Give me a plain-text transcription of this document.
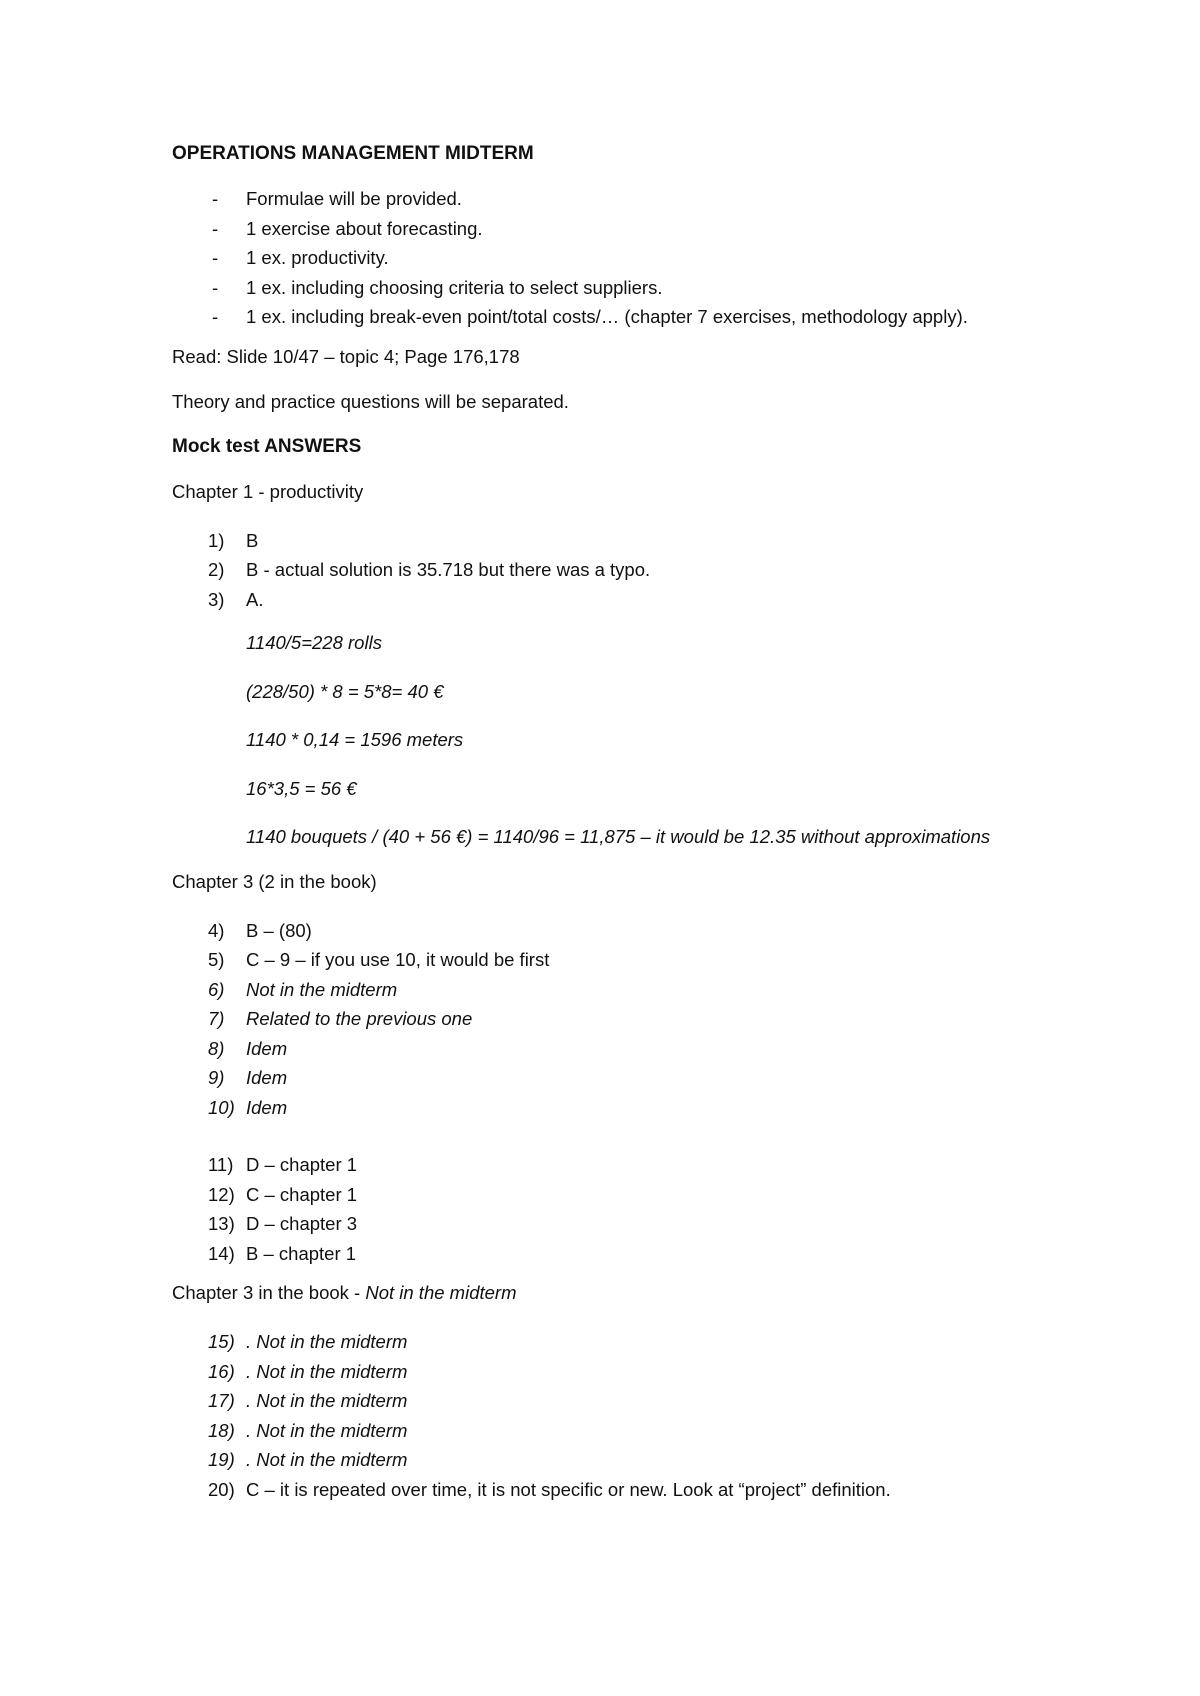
OPERATIONS MANAGEMENT MIDTERM

- Formulae will be provided.
- 1 exercise about forecasting.
- 1 ex. productivity.
- 1 ex. including choosing criteria to select suppliers.
- 1 ex. including break-even point/total costs/… (chapter 7 exercises, methodology apply).

Read: Slide 10/47 – topic 4; Page 176,178

Theory and practice questions will be separated.

Mock test ANSWERS

Chapter 1 - productivity

1)	B
2)	B - actual solution is 35.718 but there was a typo.
3)	A.

1140/5=228 rolls

(228/50) * 8 = 5*8= 40 €

1140 * 0,14 = 1596 meters

16*3,5 = 56 €

1140 bouquets / (40 + 56 €) = 1140/96 = 11,875 – it would be 12.35 without approximations

Chapter 3 (2 in the book)

4)	B – (80)
5)	C – 9 – if you use 10, it would be first
6)	Not in the midterm
7)	Related to the previous one
8)	Idem
9)	Idem
10) Idem
11) D – chapter 1
12) C – chapter 1
13) D – chapter 3
14) B – chapter 1

Chapter 3 in the book - Not in the midterm

15) . Not in the midterm
16) . Not in the midterm
17) . Not in the midterm
18) . Not in the midterm
19) . Not in the midterm
20) C – it is repeated over time, it is not specific or new. Look at “project” definition.
